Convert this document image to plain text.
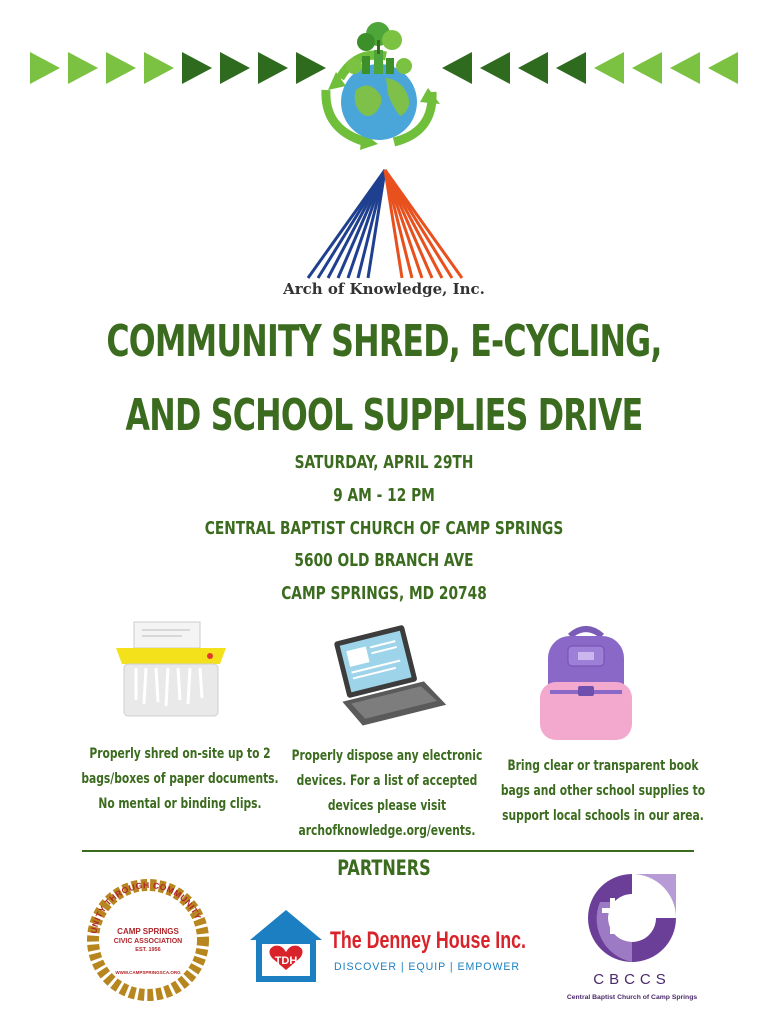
Arch of Knowledge, Inc.
COMMUNITY SHRED, E-CYCLING,
AND SCHOOL SUPPLIES DRIVE
SATURDAY, APRIL 29TH
9 AM - 12 PM
CENTRAL BAPTIST CHURCH OF CAMP SPRINGS
5600 OLD BRANCH AVE
CAMP SPRINGS, MD 20748
Properly shred on-site up to 2 bags/boxes of paper documents. No mental or binding clips.
Properly dispose any electronic devices. For a list of accepted devices please visit archofknowledge.org/events.
Bring clear or transparent book bags and other school supplies to support local schools in our area.
PARTNERS
UNITY THROUGH COMMUNITY
CAMP SPRINGS
CIVIC ASSOCIATION
EST. 1956
WWW.CAMPSPRINGSCA.ORG
TDH
The Denney House Inc.
DISCOVER | EQUIP | EMPOWER
CBCCS
Central Baptist Church of Camp Springs
